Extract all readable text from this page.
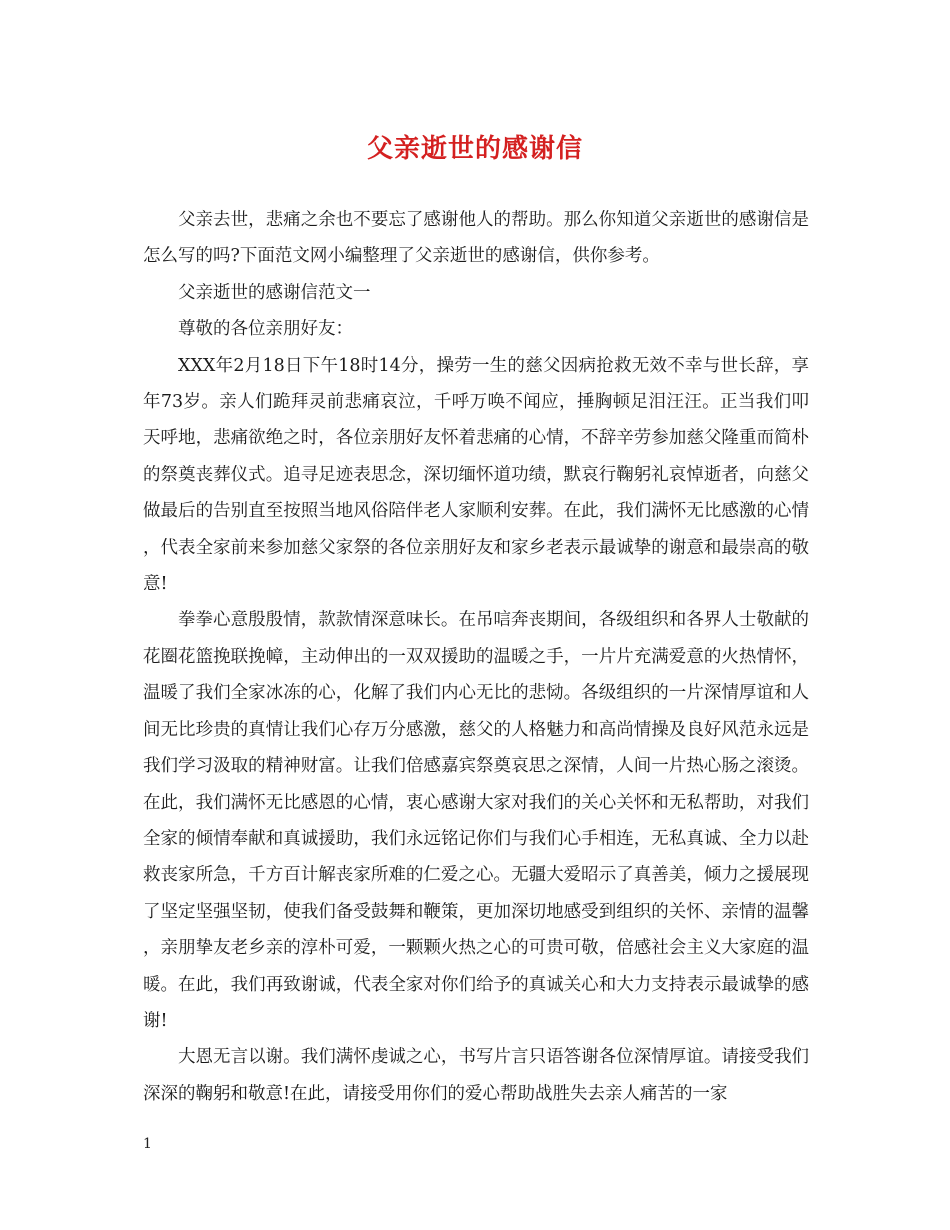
父亲逝世的感谢信

父亲去世，悲痛之余也不要忘了感谢他人的帮助。那么你知道父亲逝世的感谢信是怎么写的吗?下面范文网小编整理了父亲逝世的感谢信，供你参考。

父亲逝世的感谢信范文一

尊敬的各位亲朋好友：

XXX年2月18日下午18时14分，操劳一生的慈父因病抢救无效不幸与世长辞，享年73岁。亲人们跪拜灵前悲痛哀泣，千呼万唤不闻应，捶胸顿足泪汪汪。正当我们叩天呼地，悲痛欲绝之时，各位亲朋好友怀着悲痛的心情，不辞辛劳参加慈父隆重而简朴的祭奠丧葬仪式。追寻足迹表思念，深切缅怀道功绩，默哀行鞠躬礼哀悼逝者，向慈父做最后的告别直至按照当地风俗陪伴老人家顺利安葬。在此，我们满怀无比感激的心情，代表全家前来参加慈父家祭的各位亲朋好友和家乡老表示最诚挚的谢意和最崇高的敬意!

拳拳心意殷殷情，款款情深意味长。在吊唁奔丧期间，各级组织和各界人士敬献的花圈花篮挽联挽幛，主动伸出的一双双援助的温暖之手，一片片充满爱意的火热情怀，温暖了我们全家冰冻的心，化解了我们内心无比的悲恸。各级组织的一片深情厚谊和人间无比珍贵的真情让我们心存万分感激，慈父的人格魅力和高尚情操及良好风范永远是我们学习汲取的精神财富。让我们倍感嘉宾祭奠哀思之深情，人间一片热心肠之滚烫。在此，我们满怀无比感恩的心情，衷心感谢大家对我们的关心关怀和无私帮助，对我们全家的倾情奉献和真诚援助，我们永远铭记你们与我们心手相连，无私真诚、全力以赴救丧家所急，千方百计解丧家所难的仁爱之心。无疆大爱昭示了真善美，倾力之援展现了坚定坚强坚韧，使我们备受鼓舞和鞭策，更加深切地感受到组织的关怀、亲情的温馨，亲朋挚友老乡亲的淳朴可爱，一颗颗火热之心的可贵可敬，倍感社会主义大家庭的温暖。在此，我们再致谢诚，代表全家对你们给予的真诚关心和大力支持表示最诚挚的感谢!

大恩无言以谢。我们满怀虔诚之心，书写片言只语答谢各位深情厚谊。请接受我们深深的鞠躬和敬意!在此，请接受用你们的爱心帮助战胜失去亲人痛苦的一家

1
